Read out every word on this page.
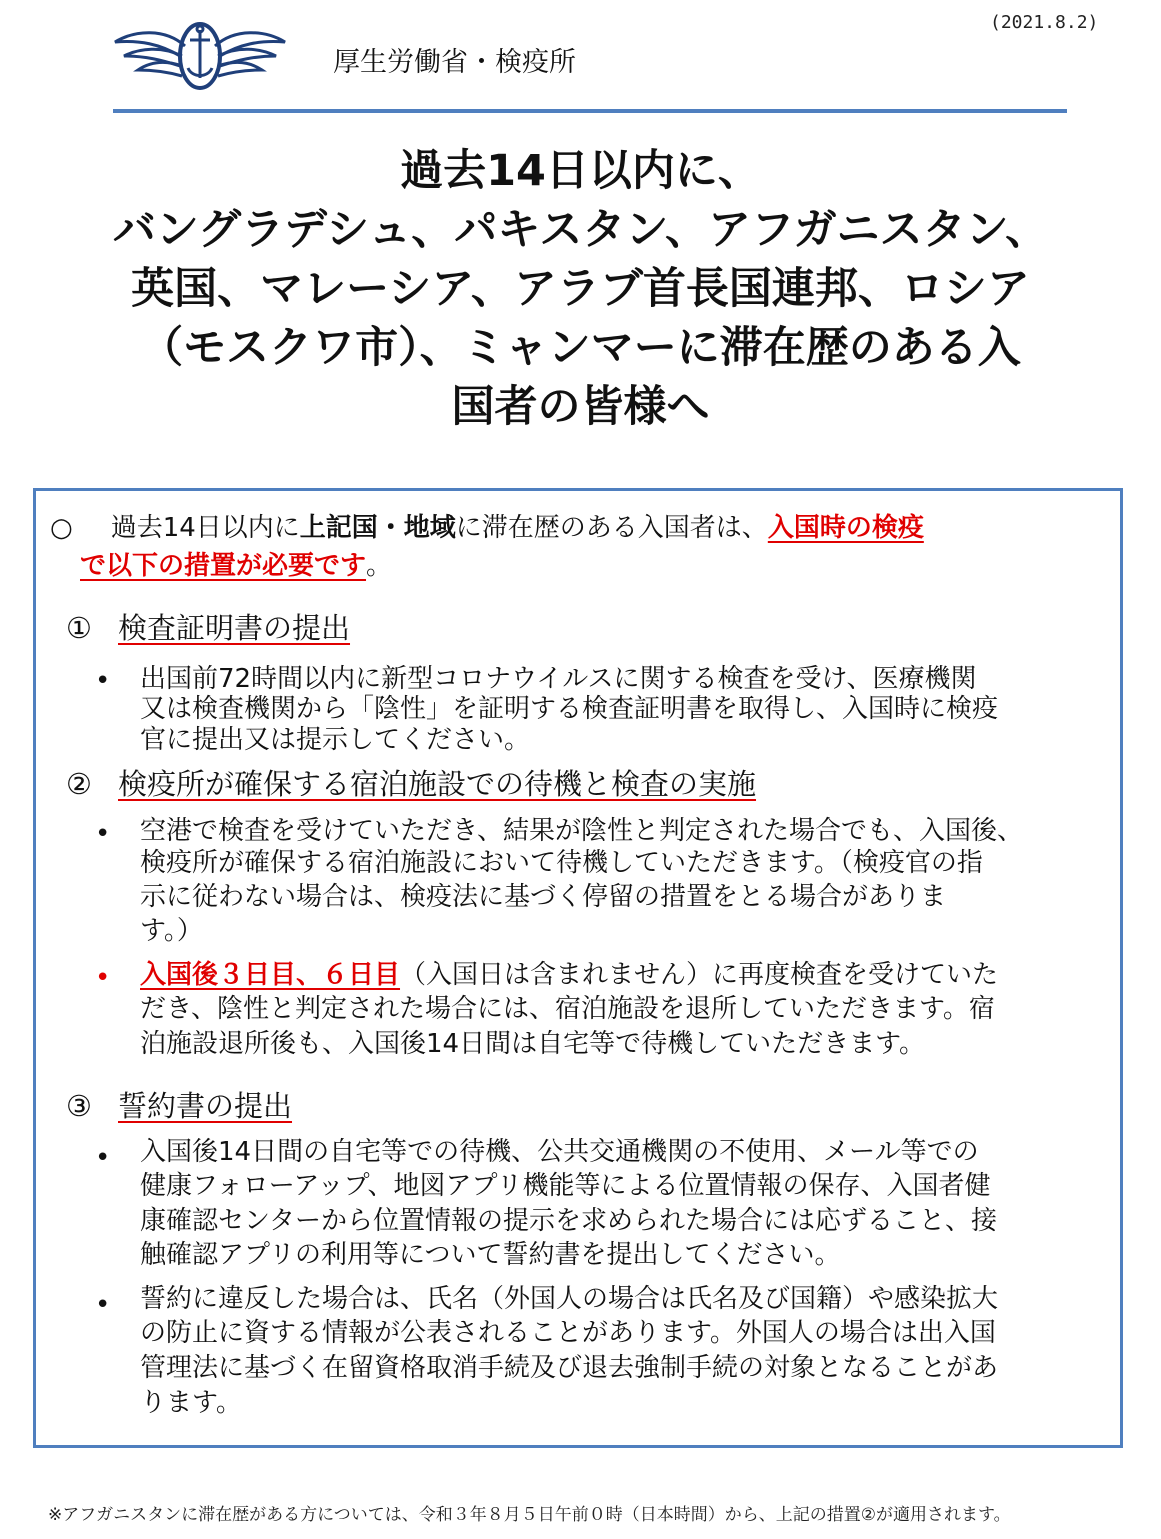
(2021.8.2)
厚生労働省・検疫所
過去14日以内に、
バングラデシュ、パキスタン、アフガニスタン、
英国、マレーシア、アラブ首長国連邦、ロシア
（モスクワ市）、ミャンマーに滞在歴のある入
国者の皆様へ
○ 過去14日以内に上記国・地域に滞在歴のある入国者は、入国時の検疫
で以下の措置が必要です。
① 検査証明書の提出
• 出国前72時間以内に新型コロナウイルスに関する検査を受け、医療機関
又は検査機関から「陰性」を証明する検査証明書を取得し、入国時に検疫
官に提出又は提示してください。
② 検疫所が確保する宿泊施設での待機と検査の実施
• 空港で検査を受けていただき、結果が陰性と判定された場合でも、入国後、
検疫所が確保する宿泊施設において待機していただきます。（検疫官の指
示に従わない場合は、検疫法に基づく停留の措置をとる場合がありま
す。）
• 入国後３日目、６日目（入国日は含まれません）に再度検査を受けていた
だき、陰性と判定された場合には、宿泊施設を退所していただきます。宿
泊施設退所後も、入国後14日間は自宅等で待機していただきます。
③ 誓約書の提出
• 入国後14日間の自宅等での待機、公共交通機関の不使用、メール等での
健康フォローアップ、地図アプリ機能等による位置情報の保存、入国者健
康確認センターから位置情報の提示を求められた場合には応ずること、接
触確認アプリの利用等について誓約書を提出してください。
• 誓約に違反した場合は、氏名（外国人の場合は氏名及び国籍）や感染拡大
の防止に資する情報が公表されることがあります。外国人の場合は出入国
管理法に基づく在留資格取消手続及び退去強制手続の対象となることがあ
ります。
※アフガニスタンに滞在歴がある方については、令和３年８月５日午前０時（日本時間）から、上記の措置②が適用されます。
